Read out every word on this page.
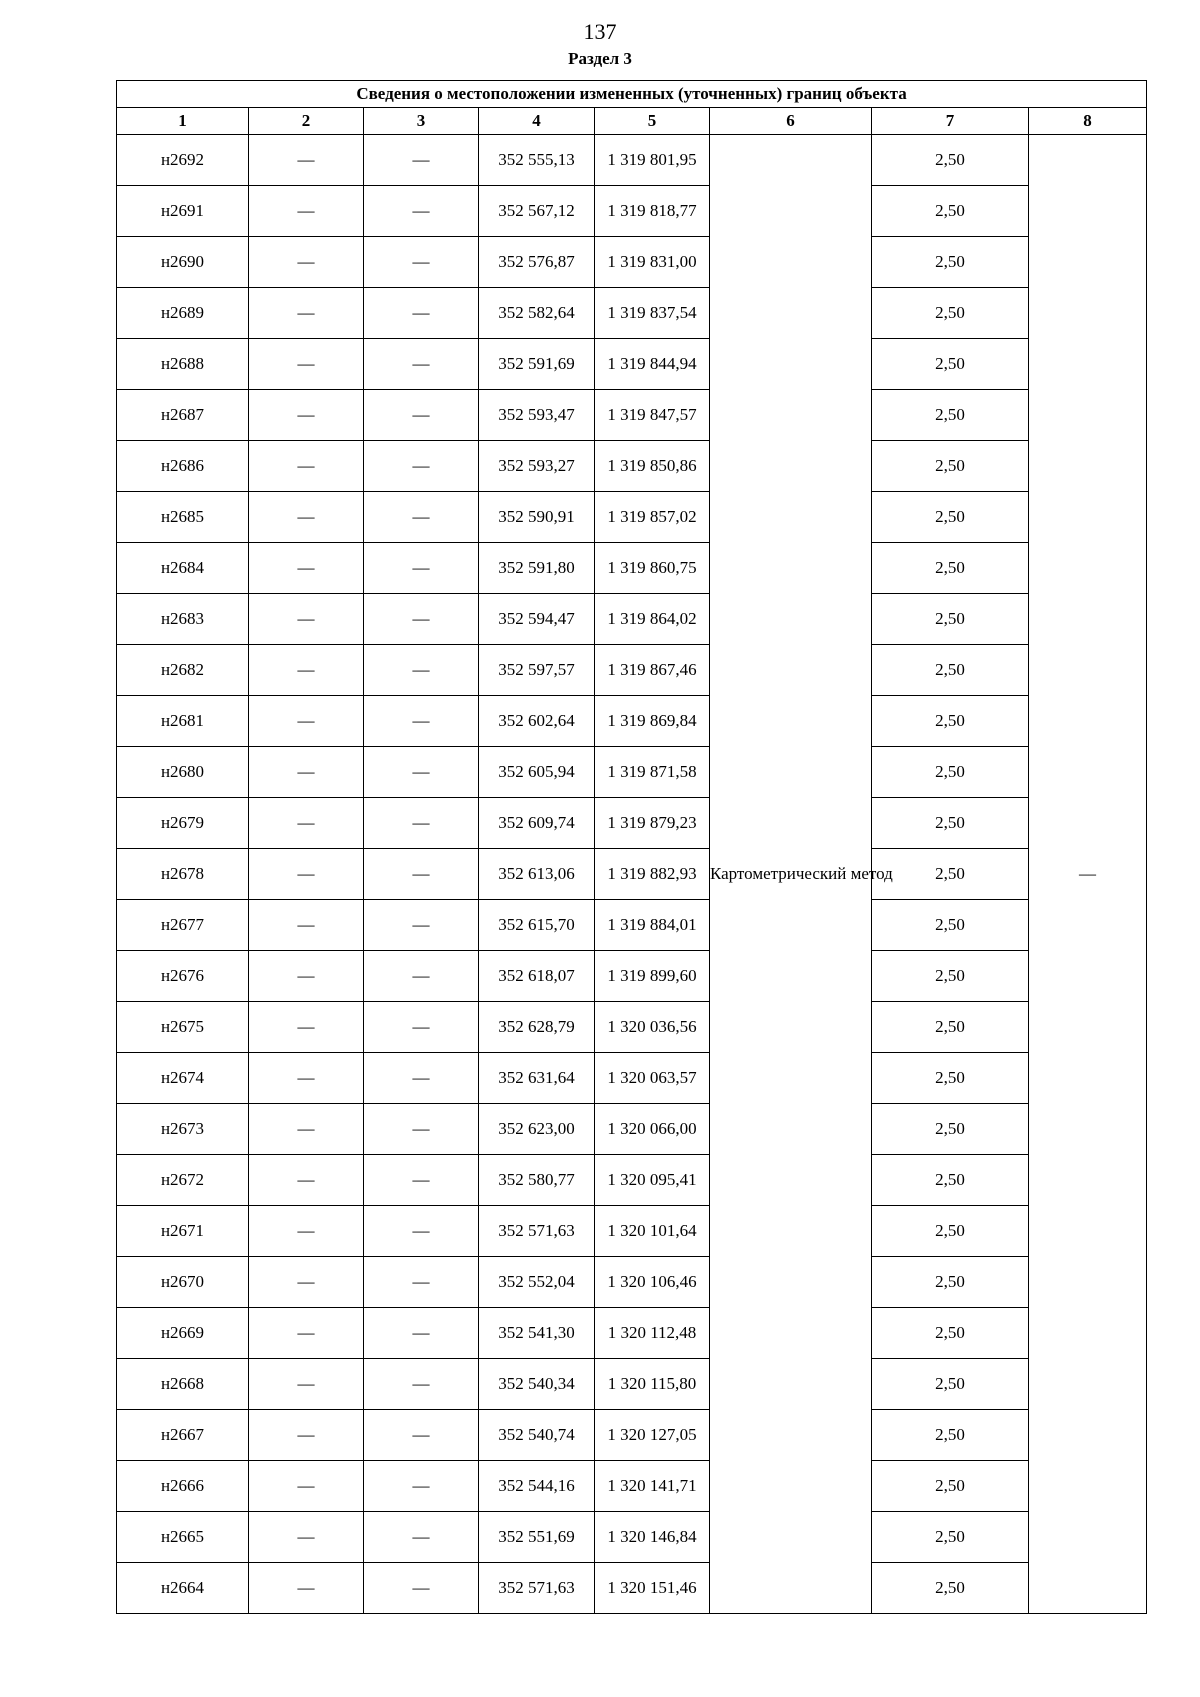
137
Раздел 3
Сведения о местоположении измененных (уточненных) границ объекта							
1	2	3	4	5	6	7	8
н2692	—	—	352 555,13	1 319 801,95	Картометрический метод	2,50	—
н2691	—	—	352 567,12	1 319 818,77		2,50	
н2690	—	—	352 576,87	1 319 831,00		2,50	
н2689	—	—	352 582,64	1 319 837,54		2,50	
н2688	—	—	352 591,69	1 319 844,94		2,50	
н2687	—	—	352 593,47	1 319 847,57		2,50	
н2686	—	—	352 593,27	1 319 850,86		2,50	
н2685	—	—	352 590,91	1 319 857,02		2,50	
н2684	—	—	352 591,80	1 319 860,75		2,50	
н2683	—	—	352 594,47	1 319 864,02		2,50	
н2682	—	—	352 597,57	1 319 867,46		2,50	
н2681	—	—	352 602,64	1 319 869,84		2,50	
н2680	—	—	352 605,94	1 319 871,58		2,50	
н2679	—	—	352 609,74	1 319 879,23		2,50	
н2678	—	—	352 613,06	1 319 882,93		2,50	
н2677	—	—	352 615,70	1 319 884,01		2,50	
н2676	—	—	352 618,07	1 319 899,60		2,50	
н2675	—	—	352 628,79	1 320 036,56		2,50	
н2674	—	—	352 631,64	1 320 063,57		2,50	
н2673	—	—	352 623,00	1 320 066,00		2,50	
н2672	—	—	352 580,77	1 320 095,41		2,50	
н2671	—	—	352 571,63	1 320 101,64		2,50	
н2670	—	—	352 552,04	1 320 106,46		2,50	
н2669	—	—	352 541,30	1 320 112,48		2,50	
н2668	—	—	352 540,34	1 320 115,80		2,50	
н2667	—	—	352 540,74	1 320 127,05		2,50	
н2666	—	—	352 544,16	1 320 141,71		2,50	
н2665	—	—	352 551,69	1 320 146,84		2,50	
н2664	—	—	352 571,63	1 320 151,46		2,50	
